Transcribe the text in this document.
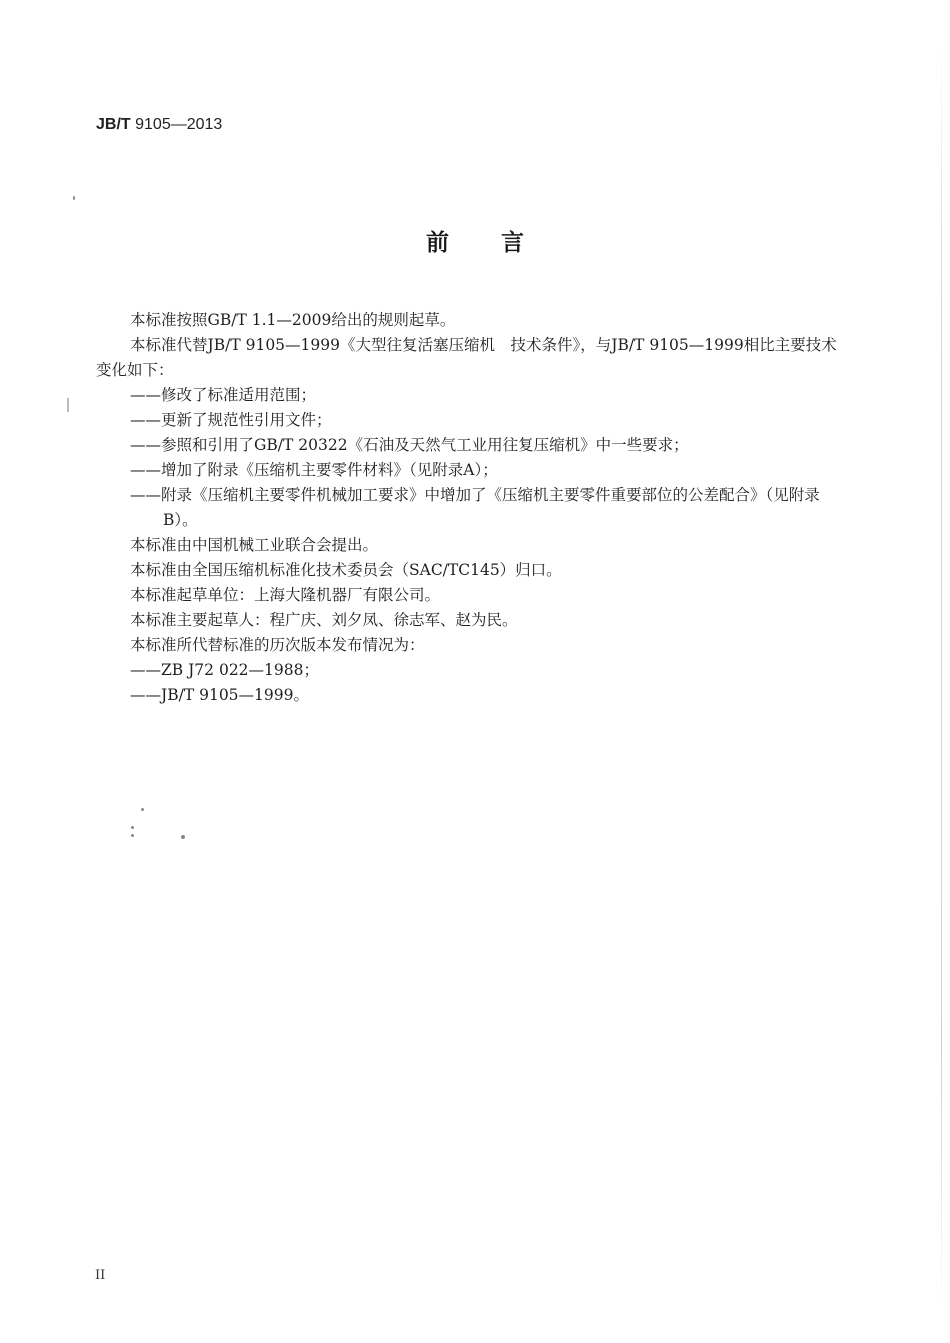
JB/T 9105—2013
前言

本标准按照GB/T 1.1—2009给出的规则起草。

本标准代替JB/T 9105—1999《大型往复活塞压缩机　技术条件》，与JB/T 9105—1999相比主要技术变化如下：

——修改了标准适用范围；

——更新了规范性引用文件；

——参照和引用了GB/T 20322《石油及天然气工业用往复压缩机》中一些要求；

——增加了附录《压缩机主要零件材料》（见附录A）；

——附录《压缩机主要零件机械加工要求》中增加了《压缩机主要零件重要部位的公差配合》（见附录B）。

本标准由中国机械工业联合会提出。

本标准由全国压缩机标准化技术委员会（SAC/TC145）归口。

本标准起草单位：上海大隆机器厂有限公司。

本标准主要起草人：程广庆、刘夕凤、徐志军、赵为民。

本标准所代替标准的历次版本发布情况为：

——ZB J72 022—1988；

——JB/T 9105—1999。

II
